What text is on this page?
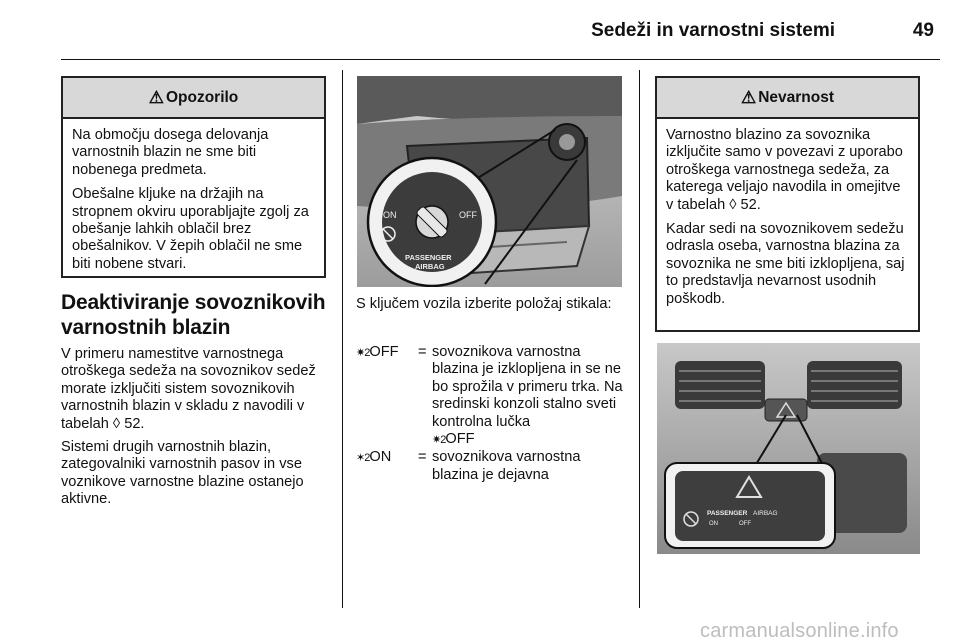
Sedeži in varnostni sistemi	49
⚠ Opozorilo

Na območju dosega delovanja varnostnih blazin ne sme biti nobenega predmeta.

Obešalne kljuke na držajih na stropnem okviru uporabljajte zgolj za obešanje lahkih oblačil brez obešalnikov. V žepih oblačil ne sme biti nobene stvari.

Deaktiviranje sovoznikovih varnostnih blazin

V primeru namestitve varnostnega otroškega sedeža na sovoznikov sedež morate izključiti sistem sovoznikovih varnostnih blazin v skladu z navodili v tabelah ◊ 52.

Sistemi drugih varnostnih blazin, zategovalniki varnostnih pasov in vse voznikove varnostne blazine ostanejo aktivne.

ON	OFF
PASSENGER
AIRBAG
S ključem vozila izberite položaj stikala:
✷2OFF	=	sovoznikova varnostna blazina je izklopljena in se ne bo sprožila v primeru trka. Na sredinski konzoli stalno sveti kontrolna lučka
✷2OFF
✶2ON	=	sovoznikova varnostna blazina je dejavna
⚠ Nevarnost

Varnostno blazino za sovoznika izključite samo v povezavi z uporabo otroškega varnostnega sedeža, za katerega veljajo navodila in omejitve v tabelah ◊ 52.

Kadar sedi na sovoznikovem sedežu odrasla oseba, varnostna blazina za sovoznika ne sme biti izklopljena, saj to predstavlja nevarnost usodnih poškodb.

PASSENGER AIRBAG
ON	OFF
carmanualsonline.info
